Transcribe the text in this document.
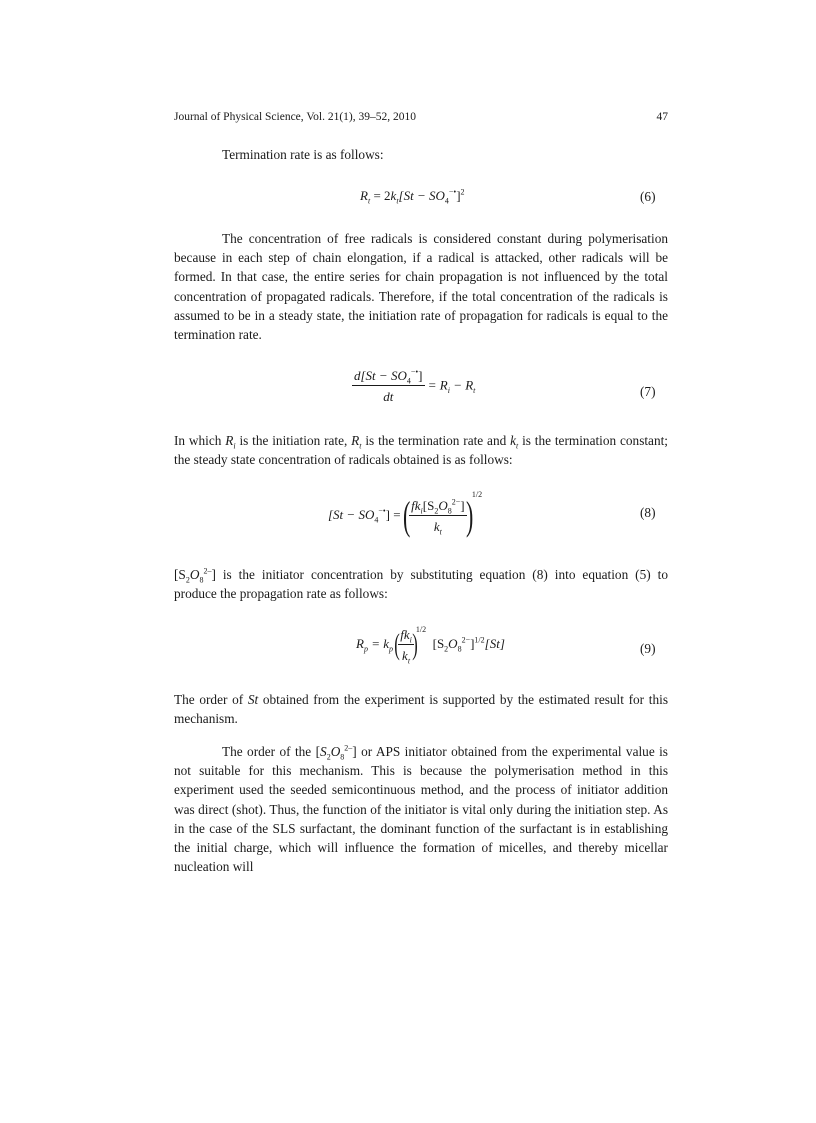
Journal of Physical Science, Vol. 21(1), 39–52, 2010	47

Termination rate is as follows:

$R_t = 2k_t[St - SO_4^{-•}]^2$	(6)

The concentration of free radicals is considered constant during polymerisation because in each step of chain elongation, if a radical is attacked, other radicals will be formed. In that case, the entire series for chain propagation is not influenced by the total concentration of propagated radicals. Therefore, if the total concentration of the radicals is assumed to be in a steady state, the initiation rate of propagation for radicals is equal to the termination rate.

$\frac{d[St - SO_4^{-•}]}{dt} = R_i - R_t$	(7)

In which $R_i$ is the initiation rate, $R_t$ is the termination rate and $k_t$ is the termination constant; the steady state concentration of radicals obtained is as follows:

$[St - SO_4^{-•}]$ = (
$\frac{fk_i[S_2O_8^{2-}]}{k_t}$
)$^{1/2}$
(8)

$[S_2O_8^{2-}]$ is the initiator concentration by substituting equation (8) into equation (5) to produce the propagation rate as follows:

$R_p = k_p$ (
$\frac{fk_i}{k_t}$
)$^{1/2}$  $[S_2O_8^{2-}]^{1/2}[St]$	(9)

The order of St obtained from the experiment is supported by the estimated result for this mechanism.

The order of the $[S_2O_8^{2-}]$ or APS initiator obtained from the experimental value is not suitable for this mechanism. This is because the polymerisation method in this experiment used the seeded semicontinuous method, and the process of initiator addition was direct (shot). Thus, the function of the initiator is vital only during the initiation step. As in the case of the SLS surfactant, the dominant function of the surfactant is in establishing the initial charge, which will influence the formation of micelles, and thereby micellar nucleation will
